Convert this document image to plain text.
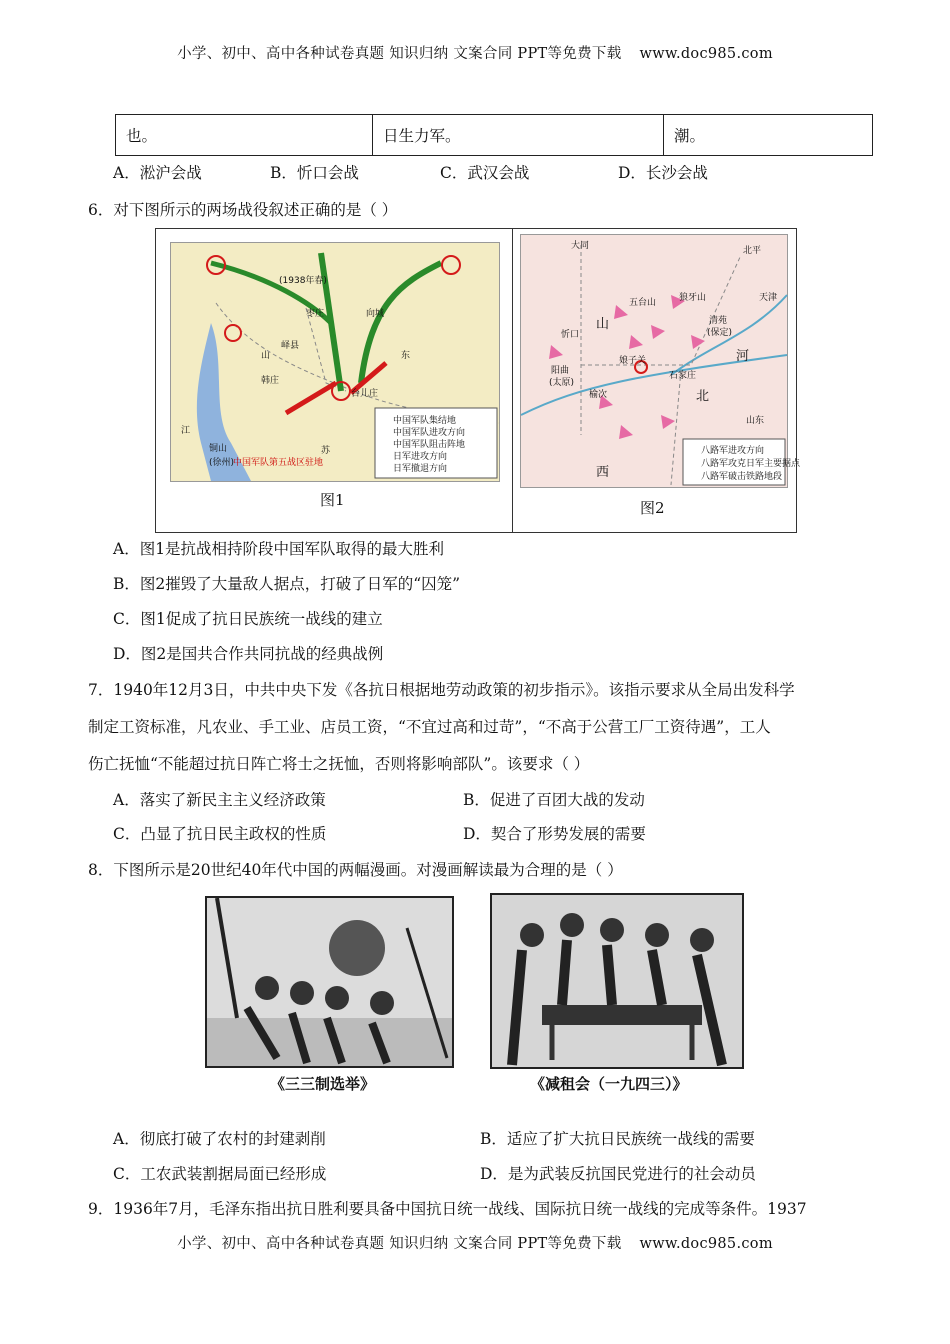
小学、初中、高中各种试卷真题 知识归纳 文案合同 PPT等免费下载 www.doc985.com
也。	日生力军。	潮。
A．淞沪会战	B．忻口会战	C．武汉会战	D．长沙会战
6．对下图所示的两场战役叙述正确的是（ ）
(1938年春)
枣庄	向城
峄县
台儿庄
韩庄
山	东
江
苏
铜山
(徐州)
中国军队集结地
中国军队进攻方向
中国军队阻击阵地
日军进攻方向
日军撤退方向
中国军队第五战区驻地
图1
大同	北平
天津
五台山	狼牙山
清苑
(保定)
忻口
娘子关
石家庄
阳曲
(太原)
榆次
山
西
河
北
山东
八路军进攻方向
八路军攻克日军主要据点
八路军破击铁路地段
图2
A．图1是抗战相持阶段中国军队取得的最大胜利
B．图2摧毁了大量敌人据点，打破了日军的“囚笼”
C．图1促成了抗日民族统一战线的建立
D．图2是国共合作共同抗战的经典战例
7．1940年12月3日，中共中央下发《各抗日根据地劳动政策的初步指示》。该指示要求从全局出发科学
制定工资标准，凡农业、手工业、店员工资，“不宜过高和过苛”，“不高于公营工厂工资待遇”，工人
伤亡抚恤“不能超过抗日阵亡将士之抚恤，否则将影响部队”。该要求（ ）
A．落实了新民主主义经济政策	B．促进了百团大战的发动
C．凸显了抗日民主政权的性质	D．契合了形势发展的需要
8．下图所示是20世纪40年代中国的两幅漫画。对漫画解读最为合理的是（ ）
《三三制选举》	《减租会（一九四三）》
A．彻底打破了农村的封建剥削	B．适应了扩大抗日民族统一战线的需要
C．工农武装割据局面已经形成	D．是为武装反抗国民党进行的社会动员
9．1936年7月，毛泽东指出抗日胜利要具备中国抗日统一战线、国际抗日统一战线的完成等条件。1937
小学、初中、高中各种试卷真题 知识归纳 文案合同 PPT等免费下载 www.doc985.com
